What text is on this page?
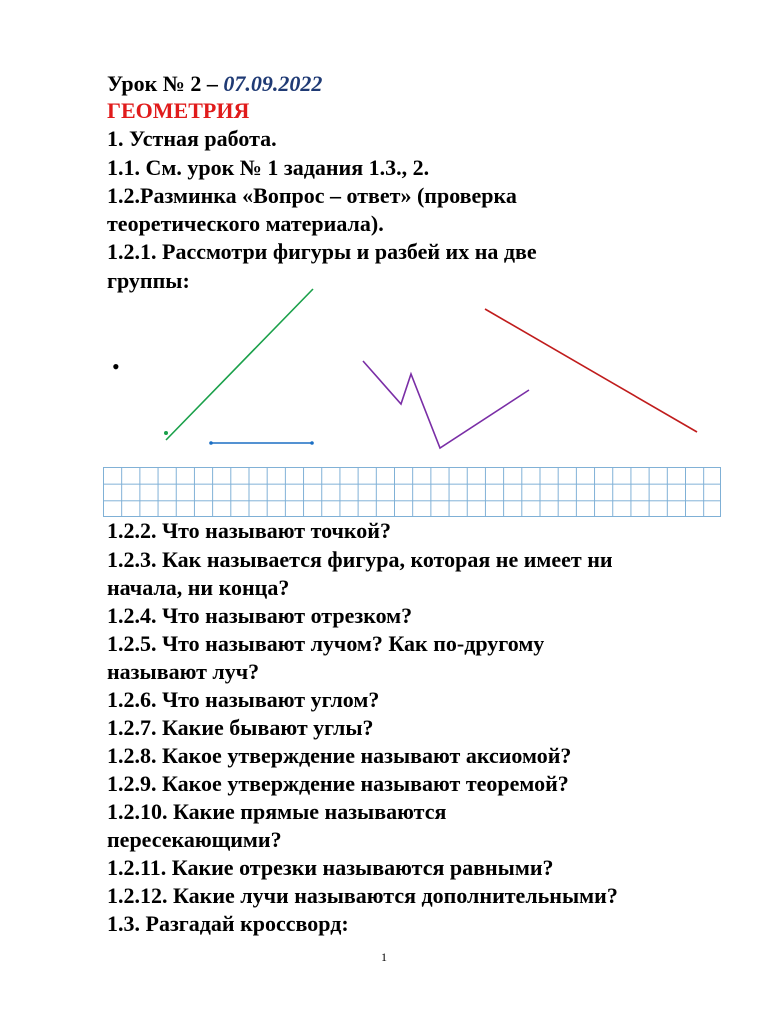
Урок № 2 – 07.09.2022
ГЕОМЕТРИЯ
1. Устная работа.
1.1. См. урок № 1 задания 1.3., 2.
1.2.Разминка «Вопрос – ответ» (проверка
теоретического материала).
1.2.1. Рассмотри фигуры и разбей их на две
группы:
•
1.2.2. Что называют точкой?
1.2.3. Как называется фигура, которая не имеет ни
начала, ни конца?
1.2.4. Что называют отрезком?
1.2.5. Что называют лучом? Как по-другому
называют луч?
1.2.6. Что называют углом?
1.2.7. Какие бывают углы?
1.2.8. Какое утверждение называют аксиомой?
1.2.9. Какое утверждение называют теоремой?
1.2.10. Какие прямые называются
пересекающими?
1.2.11. Какие отрезки называются равными?
1.2.12. Какие лучи называются дополнительными?
1.3. Разгадай кроссворд:
1
